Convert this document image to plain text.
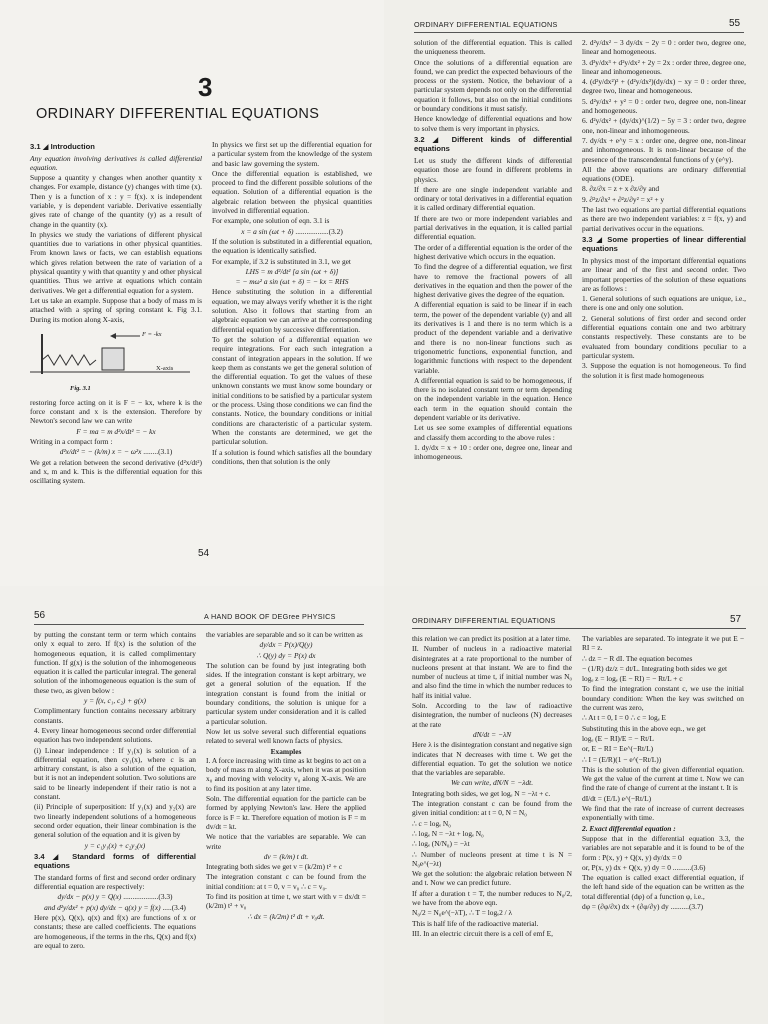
3
ORDINARY DIFFERENTIAL EQUATIONS
3.1 ◢ Introduction

Any equation involving derivatives is called differential equation.

Suppose a quantity y changes when another quantity x changes. For example, distance (y) changes with time (x). Then y is a function of x : y = f(x). x is independent variable, y is dependent variable. Derivative essentially gives rate of change of the quantity (y) as a result of change in the quantity (x).

In physics we study the variations of different physical quantities due to variations in other physical quantities. From known laws or facts, we can establish equations which gives relation between the rate of variation of a physical quantity y with that quantity y and other physical quantities. Thus we arrive at equations which contain derivatives. We get a differential equation for a system.

Let us take an example. Suppose that a body of mass m is attached with a spring of spring constant k. Fig 3.1. During its motion along X-axis,

F = -kx
X-axis
Fig. 3.1

restoring force acting on it is F = − kx, where k is the force constant and x is the extension. Therefore by Newton's second law we can write

F = ma = m d²x/dt² = − kx

Writing in a compact form :

d²x/dt² = − (k/m) x = − ω²x ........(3.1)

We get a relation between the second derivative (d²x/dt²) and x, m and k. This is the differential equation for this oscillating system.

In physics we first set up the differential equation for a particular system from the knowledge of the system and basic law governing the system.

Once the differential equation is established, we proceed to find the different possible solutions of the equation. Solution of a differential equation is the algebraic relation between the physical quantities involved in differential equation.

For example, one solution of eqn. 3.1 is

x = a sin (ωt + δ) ..................(3.2)

If the solution is substituted in a differential equation, the equation is identically satisfied.

For example, if 3.2 is substituted in 3.1, we get

LHS = m d²/dt² [a sin (ωt + δ)]
= − mω² a sin (ωt + δ) = − kx = RHS

Hence substituting the solution in a differential equation, we may always verify whether it is the right solution. Also it follows that starting from an algebraic equation we can arrive at the corresponding differential equation by successive differentiation.

To get the solution of a differential equation we require integrations. For each such integration a constant of integration appears in the solution. If we keep them as constants we get the general solution of the differential equation. To get the values of these unknown constants we must know some boundary or initial conditions to be satisfied by a particular system or the process. Using those conditions we can find the constants. Notice, the boundary conditions or initial conditions are characteristic of a particular system. When the constants are determined, we get the particular solution.

If a solution is found which satisfies all the boundary conditions, then that solution is the only

54
ORDINARY DIFFERENTIAL EQUATIONS	55

solution of the differential equation. This is called the uniqueness theorem.

Once the solutions of a differential equation are found, we can predict the expected behaviours of the process or the system. Notice, the behaviour of a particular system depends not only on the differential equation it follows, but also on the initial conditions or boundary conditions it must satisfy.

Hence knowledge of differential equations and how to solve them is very important in physics.

3.2 ◢ Different kinds of differential equations

Let us study the different kinds of differential equation those are found in different problems in physics.

If there are one single independent variable and ordinary or total derivatives in a differential equation it is called ordinary differential equation.

If there are two or more independent variables and partial derivatives in the equation, it is called partial differential equation.

The order of a differential equation is the order of the highest derivative which occurs in the equation.

To find the degree of a differential equation, we first have to remove the fractional powers of all derivatives in the equation and then the power of the highest derivative gives the degree of the equation.

A differential equation is said to be linear if in each term, the power of the dependent variable (y) and all its derivatives is 1 and there is no term which is a product of the dependent variable and a derivative and there is no non-linear functions such as trigonometric functions, exponential function, and logarithmic functions with respect to the dependent variable.

A differential equation is said to be homogeneous, if there is no isolated constant term or term depending on the independent variable in the equation. Hence each term in the equation should contain the dependent variable or its derivative.

Let us see some examples of differential equations and classify them according to the above rules :

1. dy/dx = x + 10 : order one, degree one, linear and inhomogeneous.

2. d²y/dx² − 3 dy/dx − 2y = 0 : order two, degree one, linear and homogeneous.

3. d³y/dx³ + d²y/dx² + 2y = 2x : order three, degree one, linear and inhomogeneous.

4. (d²y/dx²)² + (d²y/dx²)(dy/dx) − xy = 0 : order three, degree two, linear and homogeneous.

5. d²y/dx² + y² = 0 : order two, degree one, non-linear and homogeneous.

6. d²y/dx² + (dy/dx)^(1/2) − 5y = 3 : order two, degree one, non-linear and inhomogeneous.

7. dy/dx + e^y = x : order one, degree one, non-linear and inhomogeneous. It is non-linear because of the presence of the transcendental functions of y (e^y).

All the above equations are ordinary differential equations (ODE).

8. ∂z/∂x = z + x ∂z/∂y and

9. ∂²z/∂x² + ∂²z/∂y² = x² + y

The last two equations are partial differential equations as there are two independent variables: z = f(x, y) and partial derivatives occur in the equations.

3.3 ◢ Some properties of linear differential equations

In physics most of the important differential equations are linear and of the first and second order. Two important properties of the solution of these equations are as follows :

1. General solutions of such equations are unique, i.e., there is one and only one solution.

2. General solutions of first order and second order differential equations contain one and two arbitrary constants respectively. These constants are to be evaluated from boundary conditions peculiar to a particular system.

3. Suppose the equation is not homogeneous. To find the solution it is first made homogeneous

56	A HAND BOOK OF DEGree PHYSICS

by putting the constant term or term which contains only x equal to zero. If f(x) is the solution of the homogeneous equation, it is called complimentary function. If g(x) is the solution of the inhomogeneous equation it is called the particular integral. The general solution of the inhomogeneous equation is the sum of these two, as given below :

y = f(x, c₁, c₂) + g(x)

Complimentary function contains necessary arbitrary constants.

4. Every linear homogeneous second order differential equation has two independent solutions.

(i) Linear independence : If y₁(x) is solution of a differential equation, then cy₁(x), where c is an arbitrary constant, is also a solution of the equation, but it is not an independent solution. Two solutions are said to be linearly independent if their ratio is not a constant.

(ii) Principle of superposition: If y₁(x) and y₂(x) are two linearly independent solutions of a homogeneous second order equation, their linear combination is the general solution of the equation and it is given by

y = c₁y₁(x) + c₂y₂(x)
3.4 ◢ Standard forms of differential equations

The standard forms of first and second order ordinary differential equation are respectively:

dy/dx − p(x) y = Q(x) ...................(3.3)
and d²y/dx² + p(x) dy/dx − q(x) y = f(x) .....(3.4)

Here p(x), Q(x), q(x) and f(x) are functions of x or constants; these are called coefficients. The equations are homogeneous, if the terms in the rhs, Q(x) and f(x) are equal to zero.

the variables are separable and so it can be written as

dy/dx = P(x)/Q(y)
∴ Q(y) dy = P(x) dx

The solution can be found by just integrating both sides. If the integration constant is kept arbitrary, we get a general solution of the equation. If the integration constant is found from the initial or boundary conditions, the solution is unique for a particular system under consideration and it is called a particular solution.

Now let us solve several such differential equations related to several well known facts of physics.

Examples

I. A force increasing with time as kt begins to act on a body of mass m along X-axis, when it was at position x₀ and moving with velocity v₀ along X-axis. We are to find its position at any later time.

Soln. The differential equation for the particle can be formed by applying Newton's law. Here the applied force is F = kt. Therefore equation of motion is F = m dv/dt = kt.

We notice that the variables are separable. We can write

dv = (k/m) t dt.

Integrating both sides we get v = (k/2m) t² + c

The integration constant c can be found from the initial condition: at t = 0, v = v₀ ∴ c = v₀.

To find its position at time t, we start with v = dx/dt = (k/2m) t² + v₀

∴ dx = (k/2m) t² dt + v₀dt.
ORDINARY DIFFERENTIAL EQUATIONS	57

this relation we can predict its position at a later time.

II. Number of nucleus in a radioactive material disintegrates at a rate proportional to the number of nucleons present at that instant. We are to find the number of nucleus at time t, if initial number was N₀ and also find the time in which the number reduces to half its initial value.

Soln. According to the law of radioactive disintegration, the number of nucleons (N) decreases at the rate

dN/dt = −λN

Here λ is the disintegration constant and negative sign indicates that N decreases with time t. We get the differential equation. To get the solution we notice that the variables are separable.

We can write, dN/N = −λdt.

Integrating both sides, we get logₑ N = −λt + c.

The integration constant c can be found from the given initial condition: at t = 0, N = N₀

∴ c = logₑ N₀

∴ logₑ N = −λt + logₑ N₀

∴ logₑ (N/N₀) = −λt

∴ Number of nucleons present at time t is N = N₀e^(−λt)

We get the solution: the algebraic relation between N and t. Now we can predict future.

If after a duration t = T, the number reduces to N₀/2, we have from the above eqn.

N₀/2 = N₀e^(−λT), ∴ T = logₑ2 / λ

This is half life of the radioactive material.

III. In an electric circuit there is a cell of emf E,

The variables are separated. To integrate it we put E − RI = z.

∴ dz = − R dI. The equation becomes

− (1/R) dz/z = dt/L. Integrating both sides we get

logₑ z = logₑ (E − RI) = − Rt/L + c

To find the integration constant c, we use the initial boundary condition: When the key was switched on the current was zero,

∴ At t = 0, I = 0 ∴ c = logₑ E

Substituting this in the above eqn., we get

logₑ (E − RI)/E = − Rt/L

or, E − RI = Ee^(−Rt/L)

∴ I = (E/R)(1 − e^(−Rt/L))

This is the solution of the given differential equation. We get the value of the current at time t. Now we can find the rate of change of current at the instant t. It is

dI/dt = (E/L) e^(−Rt/L)

We find that the rate of increase of current decreases exponentially with time.

2. Exact differential equation :

Suppose that in the differential equation 3.3, the variables are not separable and it is found to be of the form : P(x, y) + Q(x, y) dy/dx = 0

or, P(x, y) dx + Q(x, y) dy = 0 ..........(3.6)

The equation is called exact differential equation, if the left hand side of the equation can be written as the total differential (dφ) of a function φ, i.e.,

dφ = (∂φ/∂x) dx + (∂φ/∂y) dy ..........(3.7)
